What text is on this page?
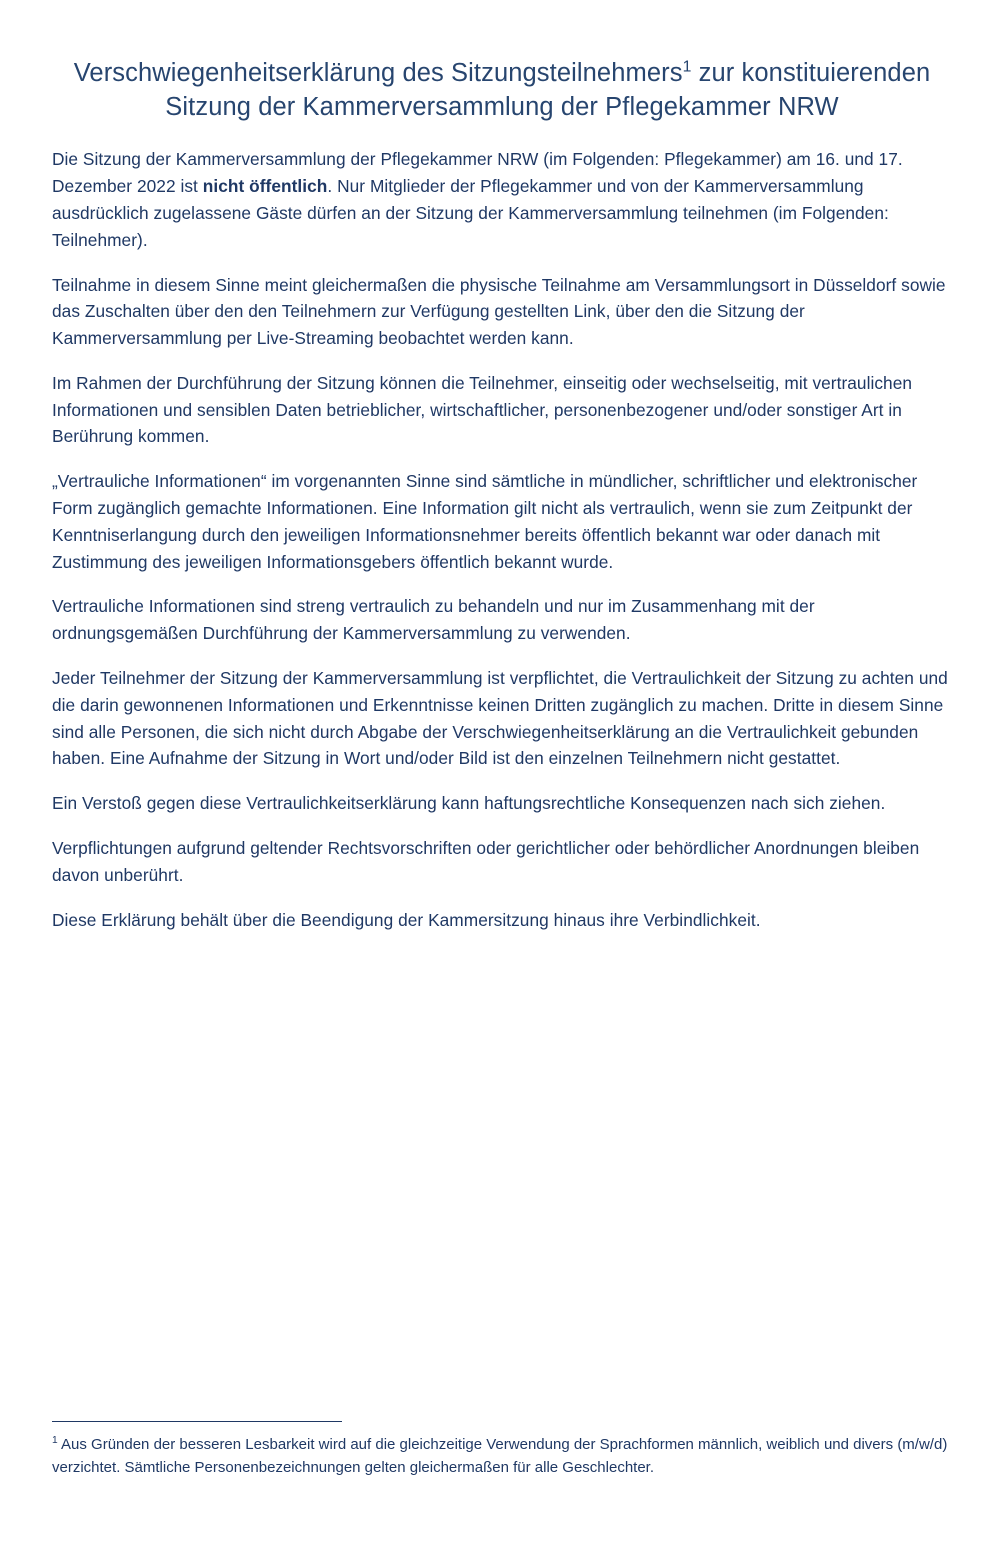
Verschwiegenheitserklärung des Sitzungsteilnehmers$^1$ zur konstituierenden Sitzung der Kammerversammlung der Pflegekammer NRW

Die Sitzung der Kammerversammlung der Pflegekammer NRW (im Folgenden: Pflegekammer) am 16. und 17. Dezember 2022 ist nicht öffentlich. Nur Mitglieder der Pflegekammer und von der Kammerversammlung ausdrücklich zugelassene Gäste dürfen an der Sitzung der Kammerversammlung teilnehmen (im Folgenden: Teilnehmer).

Teilnahme in diesem Sinne meint gleichermaßen die physische Teilnahme am Versammlungsort in Düsseldorf sowie das Zuschalten über den den Teilnehmern zur Verfügung gestellten Link, über den die Sitzung der Kammerversammlung per Live-Streaming beobachtet werden kann.

Im Rahmen der Durchführung der Sitzung können die Teilnehmer, einseitig oder wechselseitig, mit vertraulichen Informationen und sensiblen Daten betrieblicher, wirtschaftlicher, personenbezogener und/oder sonstiger Art in Berührung kommen.

„Vertrauliche Informationen“ im vorgenannten Sinne sind sämtliche in mündlicher, schriftlicher und elektronischer Form zugänglich gemachte Informationen. Eine Information gilt nicht als vertraulich, wenn sie zum Zeitpunkt der Kenntniserlangung durch den jeweiligen Informationsnehmer bereits öffentlich bekannt war oder danach mit Zustimmung des jeweiligen Informationsgebers öffentlich bekannt wurde.

Vertrauliche Informationen sind streng vertraulich zu behandeln und nur im Zusammenhang mit der ordnungsgemäßen Durchführung der Kammerversammlung zu verwenden.

Jeder Teilnehmer der Sitzung der Kammerversammlung ist verpflichtet, die Vertraulichkeit der Sitzung zu achten und die darin gewonnenen Informationen und Erkenntnisse keinen Dritten zugänglich zu machen. Dritte in diesem Sinne sind alle Personen, die sich nicht durch Abgabe der Verschwiegenheitserklärung an die Vertraulichkeit gebunden haben. Eine Aufnahme der Sitzung in Wort und/oder Bild ist den einzelnen Teilnehmern nicht gestattet.

Ein Verstoß gegen diese Vertraulichkeitserklärung kann haftungsrechtliche Konsequenzen nach sich ziehen.

Verpflichtungen aufgrund geltender Rechtsvorschriften oder gerichtlicher oder behördlicher Anordnungen bleiben davon unberührt.

Diese Erklärung behält über die Beendigung der Kammersitzung hinaus ihre Verbindlichkeit.

$^1$ Aus Gründen der besseren Lesbarkeit wird auf die gleichzeitige Verwendung der Sprachformen männlich, weiblich und divers (m/w/d) verzichtet. Sämtliche Personenbezeichnungen gelten gleichermaßen für alle Geschlechter.
